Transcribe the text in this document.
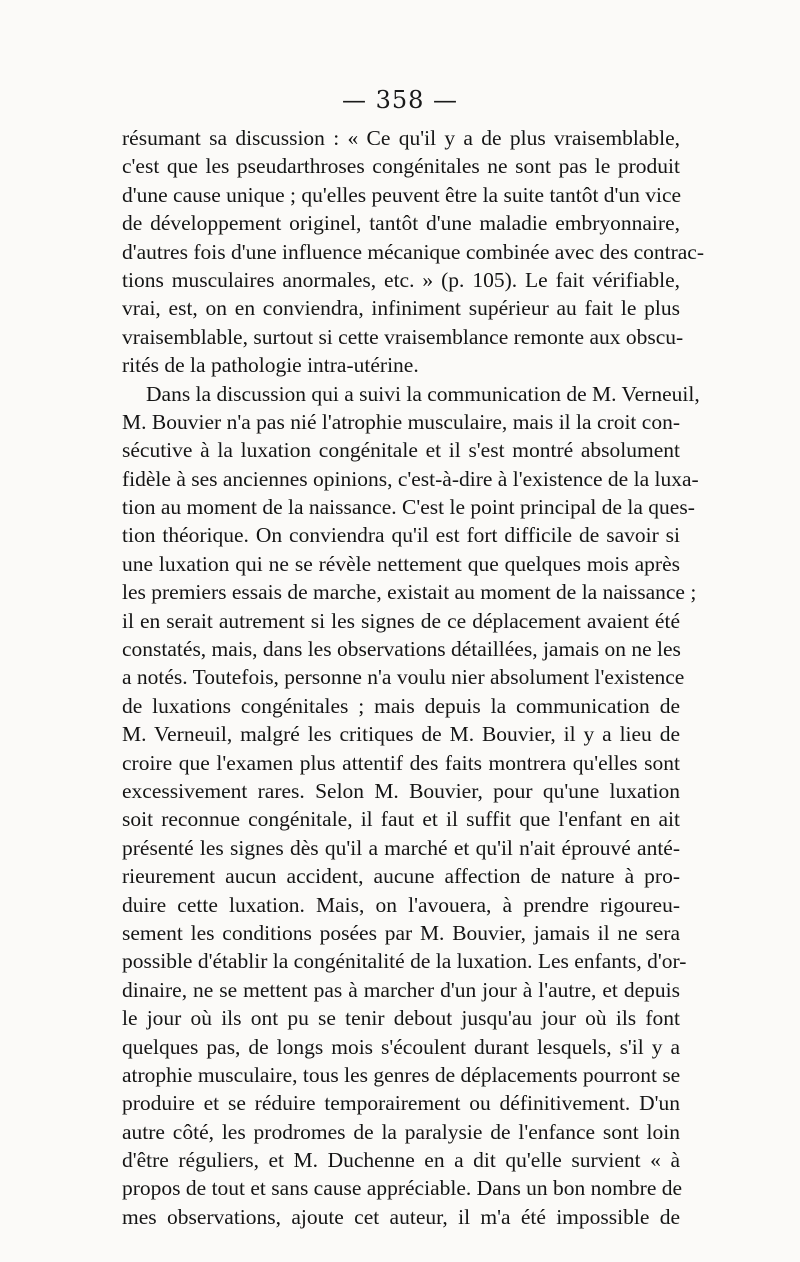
— 358 —
résumant sa discussion : « Ce qu'il y a de plus vraisemblable,
c'est que les pseudarthroses congénitales ne sont pas le produit
d'une cause unique ; qu'elles peuvent être la suite tantôt d'un vice
de développement originel, tantôt d'une maladie embryonnaire,
d'autres fois d'une influence mécanique combinée avec des contrac-
tions musculaires anormales, etc. » (p. 105). Le fait vérifiable,
vrai, est, on en conviendra, infiniment supérieur au fait le plus
vraisemblable, surtout si cette vraisemblance remonte aux obscu-
rités de la pathologie intra-utérine.
Dans la discussion qui a suivi la communication de M. Verneuil,
M. Bouvier n'a pas nié l'atrophie musculaire, mais il la croit con-
sécutive à la luxation congénitale et il s'est montré absolument
fidèle à ses anciennes opinions, c'est-à-dire à l'existence de la luxa-
tion au moment de la naissance. C'est le point principal de la ques-
tion théorique. On conviendra qu'il est fort difficile de savoir si
une luxation qui ne se révèle nettement que quelques mois après
les premiers essais de marche, existait au moment de la naissance ;
il en serait autrement si les signes de ce déplacement avaient été
constatés, mais, dans les observations détaillées, jamais on ne les
a notés. Toutefois, personne n'a voulu nier absolument l'existence
de luxations congénitales ; mais depuis la communication de
M. Verneuil, malgré les critiques de M. Bouvier, il y a lieu de
croire que l'examen plus attentif des faits montrera qu'elles sont
excessivement rares. Selon M. Bouvier, pour qu'une luxation
soit reconnue congénitale, il faut et il suffit que l'enfant en ait
présenté les signes dès qu'il a marché et qu'il n'ait éprouvé anté-
rieurement aucun accident, aucune affection de nature à pro-
duire cette luxation. Mais, on l'avouera, à prendre rigoureu-
sement les conditions posées par M. Bouvier, jamais il ne sera
possible d'établir la congénitalité de la luxation. Les enfants, d'or-
dinaire, ne se mettent pas à marcher d'un jour à l'autre, et depuis
le jour où ils ont pu se tenir debout jusqu'au jour où ils font
quelques pas, de longs mois s'écoulent durant lesquels, s'il y a
atrophie musculaire, tous les genres de déplacements pourront se
produire et se réduire temporairement ou définitivement. D'un
autre côté, les prodromes de la paralysie de l'enfance sont loin
d'être réguliers, et M. Duchenne en a dit qu'elle survient « à
propos de tout et sans cause appréciable. Dans un bon nombre de
mes observations, ajoute cet auteur, il m'a été impossible de
